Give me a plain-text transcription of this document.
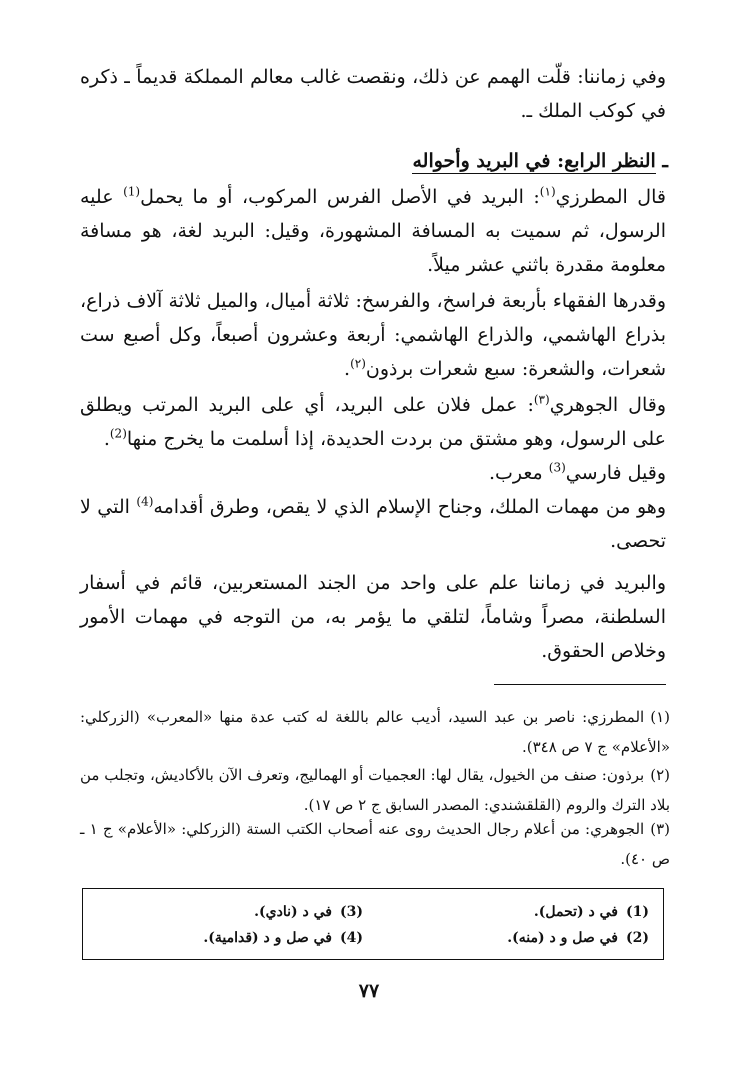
وفي زماننا: قلّت الهمم عن ذلك، ونقصت غالب معالم المملكة قديماً ـ ذكره في كوكب الملك ـ.

ـ النظر الرابع: في البريد وأحواله

قال المطرزي$^{(١)}$: البريد في الأصل الفرس المركوب، أو ما يحمل$^{(1)}$ عليه الرسول، ثم سميت به المسافة المشهورة، وقيل: البريد لغة، هو مسافة معلومة مقدرة باثني عشر ميلاً.

وقدرها الفقهاء بأربعة فراسخ، والفرسخ: ثلاثة أميال، والميل ثلاثة آلاف ذراع، بذراع الهاشمي، والذراع الهاشمي: أربعة وعشرون أصبعاً، وكل أصبع ست شعرات، والشعرة: سبع شعرات برذون$^{(٢)}$.

وقال الجوهري$^{(٣)}$: عمل فلان على البريد، أي على البريد المرتب ويطلق على الرسول، وهو مشتق من بردت الحديدة، إذا أسلمت ما يخرج منها$^{(2)}$.

وقيل فارسي$^{(3)}$ معرب.

وهو من مهمات الملك، وجناح الإسلام الذي لا يقص، وطرق أقدامه$^{(4)}$ التي لا تحصى.

والبريد في زماننا علم على واحد من الجند المستعربين، قائم في أسفار السلطنة، مصراً وشاماً، لتلقي ما يؤمر به، من التوجه في مهمات الأمور وخلاص الحقوق.

(١)المطرزي: ناصر بن عبد السيد، أديب عالم باللغة له كتب عدة منها «المعرب» (الزركلي: «الأعلام» ج ٧ ص ٣٤٨).

(٢)برذون: صنف من الخيول، يقال لها: العجميات أو الهماليج، وتعرف الآن بالأكاديش، وتجلب من بلاد الترك والروم (القلقشندي: المصدر السابق ج ٢ ص ١٧).

(٣)الجوهري: من أعلام رجال الحديث روى عنه أصحاب الكتب الستة (الزركلي: «الأعلام» ج ١ ـ ص ٤٠).

(1)في د (تحمل).
(2)في صل و د (منه).
(3)في د (نادي).
(4)في صل و د (قدامية).
٧٧
